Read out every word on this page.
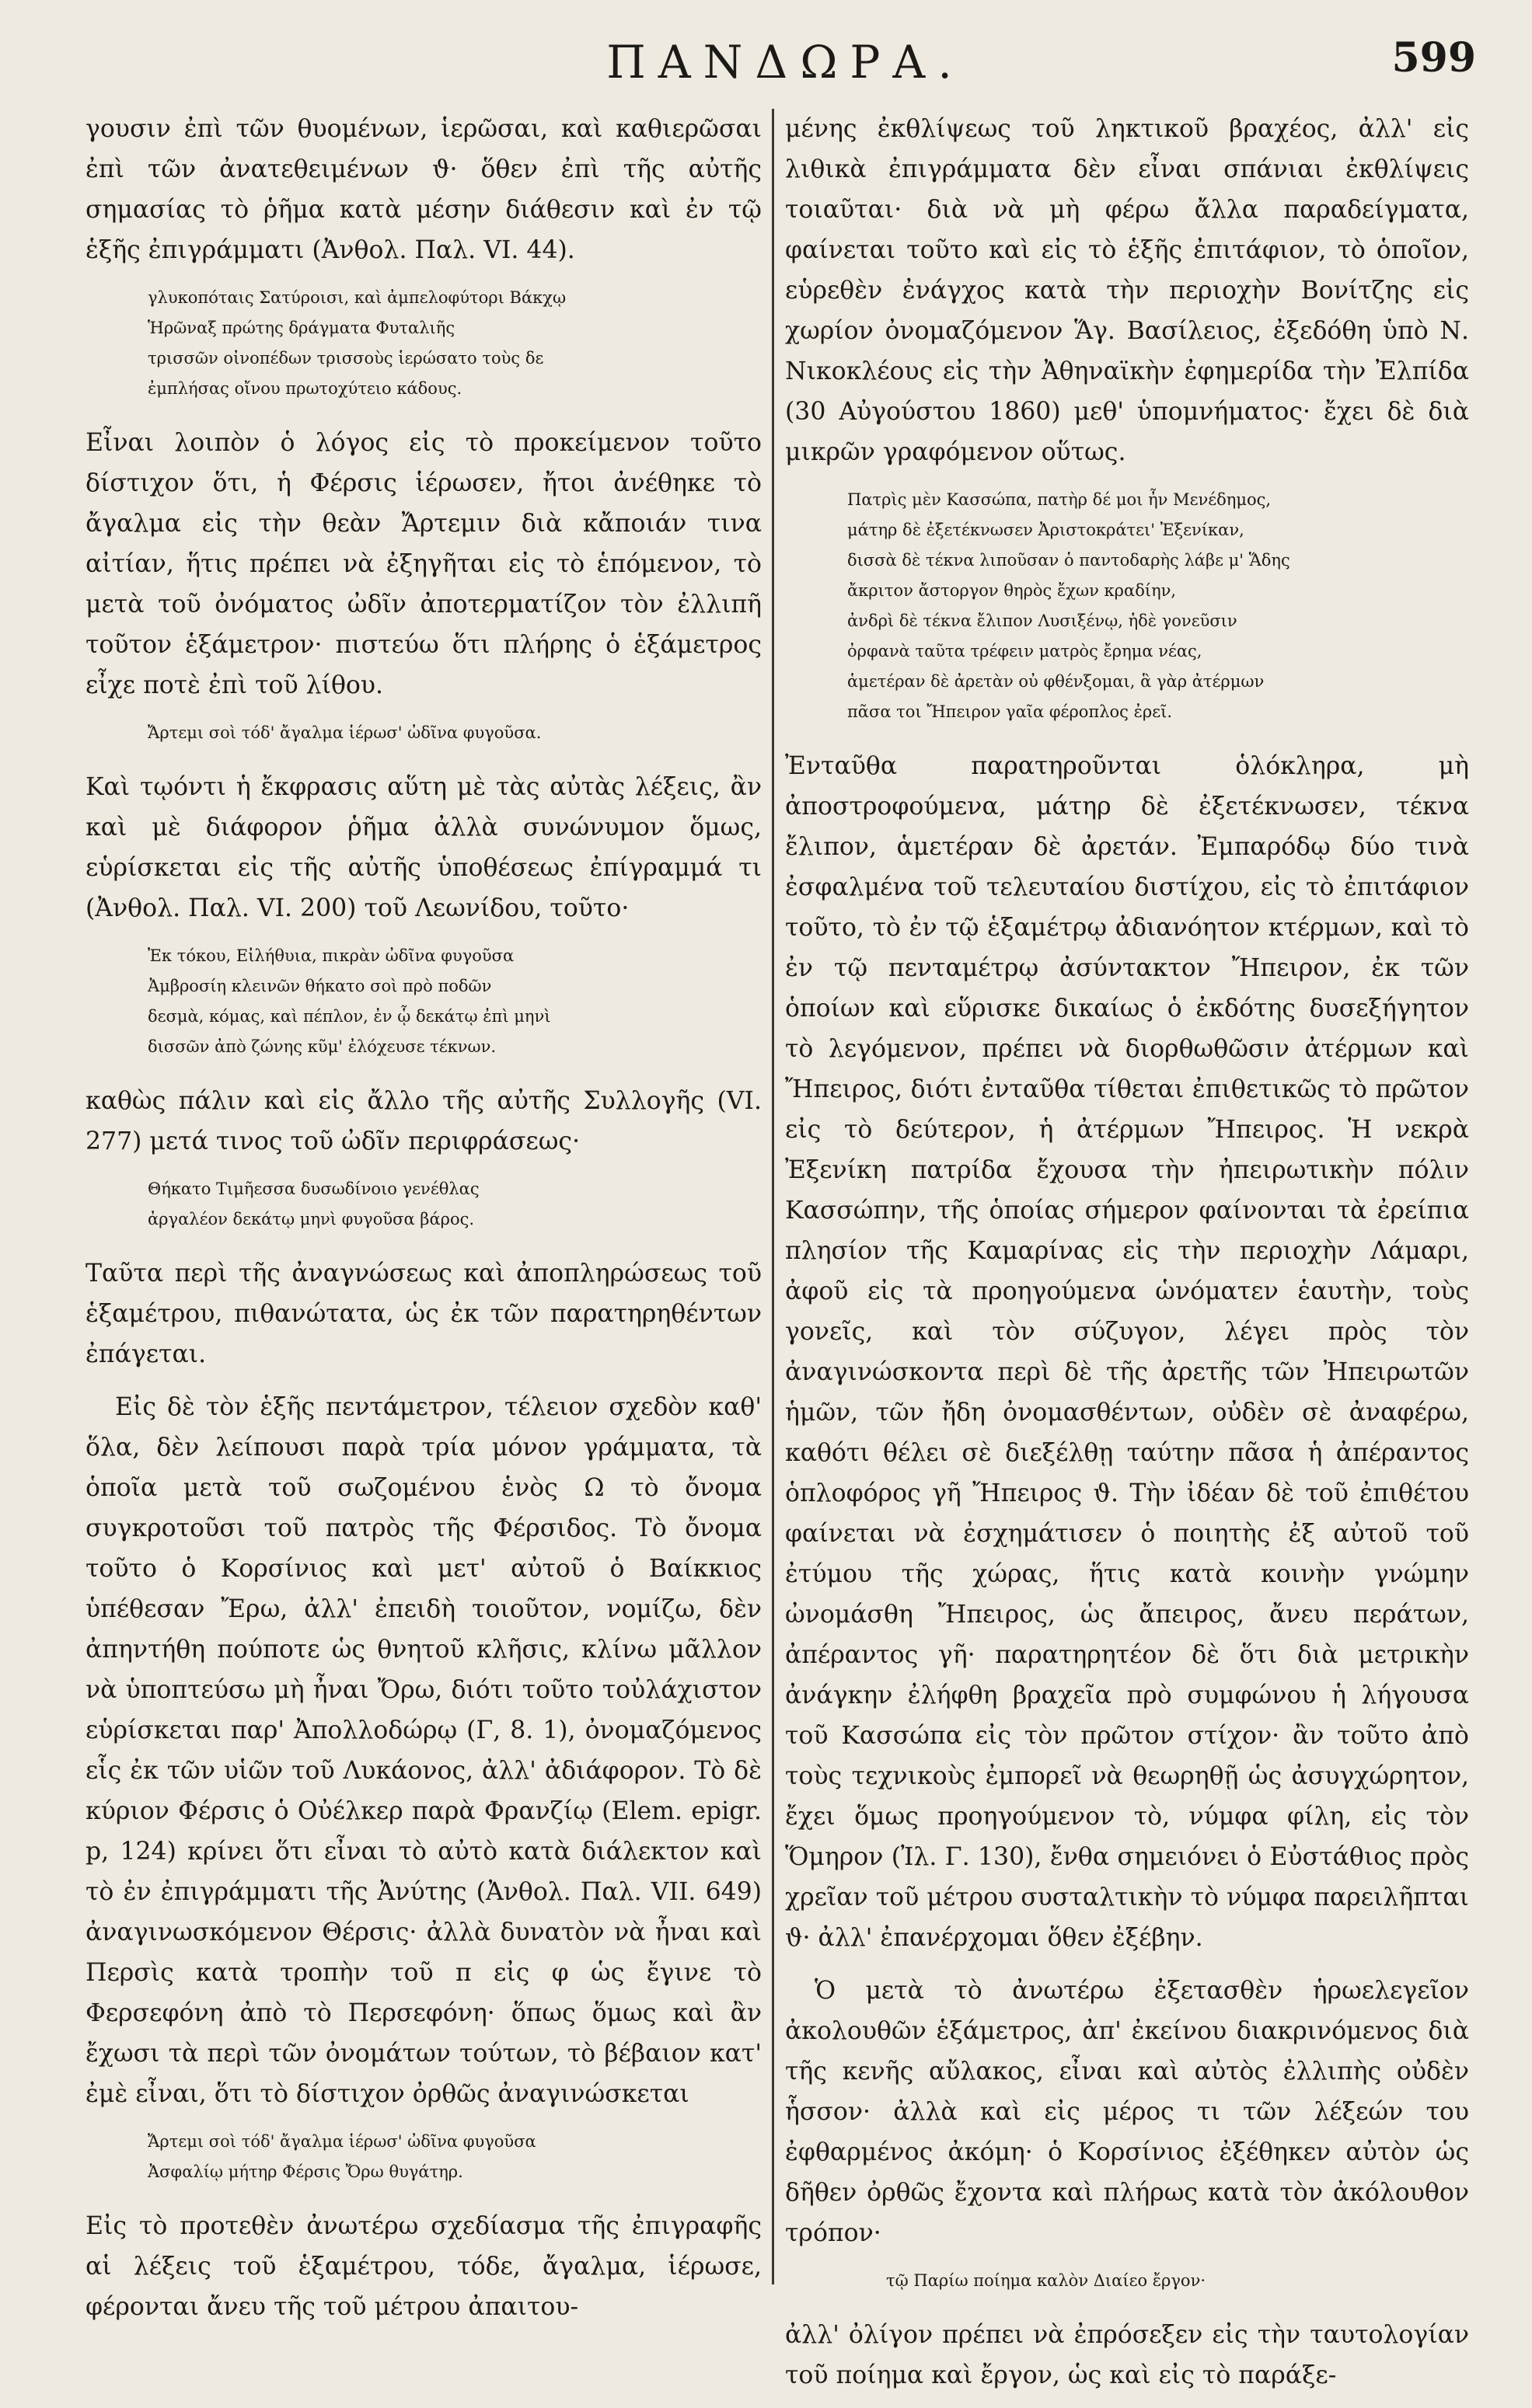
ΠΑΝΔΩΡΑ.	599

γουσιν ἐπὶ τῶν θυομένων, ἱερῶσαι, καὶ καθιερῶσαι ἐπὶ τῶν ἀνατεθειμένων ϑ· ὅθεν ἐπὶ τῆς αὐτῆς σημασίας τὸ ῥῆμα κατὰ μέσην διάθεσιν καὶ ἐν τῷ ἑξῆς ἐπιγράμματι (Ἀνθολ. Παλ. VI. 44).

γλυκοπόταις Σατύροισι, καὶ ἀμπελοφύτορι Βάκχῳ
Ἡρῶναξ πρώτης δράγματα Φυταλιῆς
τρισσῶν οἰνοπέδων τρισσοὺς ἱερώσατο τοὺς δε
ἐμπλήσας οἴνου πρωτοχύτειο κάδους.

Εἶναι λοιπὸν ὁ λόγος εἰς τὸ προκείμενον τοῦτο δίστιχον ὅτι, ἡ Φέρσις ἱέρωσεν, ἤτοι ἀνέθηκε τὸ ἄγαλμα εἰς τὴν θεὰν Ἄρτεμιν διὰ κἄποιάν τινα αἰτίαν, ἥτις πρέπει νὰ ἐξηγῆται εἰς τὸ ἑπόμενον, τὸ μετὰ τοῦ ὀνόματος ὠδῖν ἀποτερματίζον τὸν ἐλλιπῆ τοῦτον ἑξάμετρον· πιστεύω ὅτι πλήρης ὁ ἑξάμετρος εἶχε ποτὲ ἐπὶ τοῦ λίθου.

Ἄρτεμι σοὶ τόδ' ἄγαλμα ἱέρωσ' ὠδῖνα φυγοῦσα.

Καὶ τῳόντι ἡ ἔκφρασις αὕτη μὲ τὰς αὐτὰς λέξεις, ἂν καὶ μὲ διάφορον ῥῆμα ἀλλὰ συνώνυμον ὅμως, εὑρίσκεται εἰς τῆς αὐτῆς ὑποθέσεως ἐπίγραμμά τι (Ἀνθολ. Παλ. VI. 200) τοῦ Λεωνίδου, τοῦτο·

Ἐκ τόκου, Εἰλήθυια, πικρὰν ὠδῖνα φυγοῦσα
Ἀμβροσίη κλεινῶν θήκατο σοὶ πρὸ ποδῶν
δεσμὰ, κόμας, καὶ πέπλον, ἐν ᾧ δεκάτῳ ἐπὶ μηνὶ
δισσῶν ἀπὸ ζώνης κῦμ' ἐλόχευσε τέκνων.

καθὼς πάλιν καὶ εἰς ἄλλο τῆς αὐτῆς Συλλογῆς (VI. 277) μετά τινος τοῦ ὠδῖν περιφράσεως·

Θήκατο Τιμῆεσσα δυσωδίνοιο γενέθλας
ἀργαλέον δεκάτῳ μηνὶ φυγοῦσα βάρος.

Ταῦτα περὶ τῆς ἀναγνώσεως καὶ ἀποπληρώσεως τοῦ ἑξαμέτρου, πιθανώτατα, ὡς ἐκ τῶν παρατηρηθέντων ἐπάγεται.

Εἰς δὲ τὸν ἑξῆς πεντάμετρον, τέλειον σχεδὸν καθ' ὅλα, δὲν λείπουσι παρὰ τρία μόνον γράμματα, τὰ ὁποῖα μετὰ τοῦ σωζομένου ἑνὸς Ω τὸ ὄνομα συγκροτοῦσι τοῦ πατρὸς τῆς Φέρσιδος. Τὸ ὄνομα τοῦτο ὁ Κορσίνιος καὶ μετ' αὐτοῦ ὁ Βαίκκιος ὑπέθεσαν Ἔρω, ἀλλ' ἐπειδὴ τοιοῦτον, νομίζω, δὲν ἀπηντήθη πούποτε ὡς θνητοῦ κλῆσις, κλίνω μᾶλλον νὰ ὑποπτεύσω μὴ ἦναι Ὄρω, διότι τοῦτο τοὐλάχιστον εὑρίσκεται παρ' Ἀπολλοδώρῳ (Γ, 8. 1), ὀνομαζόμενος εἷς ἐκ τῶν υἱῶν τοῦ Λυκάονος, ἀλλ' ἀδιάφορον. Τὸ δὲ κύριον Φέρσις ὁ Οὐέλκερ παρὰ Φρανζίῳ (Elem. epigr. p, 124) κρίνει ὅτι εἶναι τὸ αὐτὸ κατὰ διάλεκτον καὶ τὸ ἐν ἐπιγράμματι τῆς Ἀνύτης (Ἀνθολ. Παλ. VII. 649) ἀναγινωσκόμενον Θέρσις· ἀλλὰ δυνατὸν νὰ ἦναι καὶ Περσὶς κατὰ τροπὴν τοῦ π εἰς φ ὡς ἔγινε τὸ Φερσεφόνη ἀπὸ τὸ Περσεφόνη· ὅπως ὅμως καὶ ἂν ἔχωσι τὰ περὶ τῶν ὀνομάτων τούτων, τὸ βέβαιον κατ' ἐμὲ εἶναι, ὅτι τὸ δίστιχον ὀρθῶς ἀναγινώσκεται

Ἄρτεμι σοὶ τόδ' ἄγαλμα ἱέρωσ' ὠδῖνα φυγοῦσα
Ἀσφαλίῳ μήτηρ Φέρσις Ὄρω θυγάτηρ.

Εἰς τὸ προτεθὲν ἀνωτέρω σχεδίασμα τῆς ἐπιγραφῆς αἱ λέξεις τοῦ ἑξαμέτρου, τόδε, ἄγαλμα, ἱέρωσε, φέρονται ἄνευ τῆς τοῦ μέτρου ἀπαιτου-

μένης ἐκθλίψεως τοῦ ληκτικοῦ βραχέος, ἀλλ' εἰς λιθικὰ ἐπιγράμματα δὲν εἶναι σπάνιαι ἐκθλίψεις τοιαῦται· διὰ νὰ μὴ φέρω ἄλλα παραδείγματα, φαίνεται τοῦτο καὶ εἰς τὸ ἑξῆς ἐπιτάφιον, τὸ ὁποῖον, εὑρεθὲν ἐνάγχος κατὰ τὴν περιοχὴν Βονίτζης εἰς χωρίον ὀνομαζόμενον Ἅγ. Βασίλειος, ἐξεδόθη ὑπὸ Ν. Νικοκλέους εἰς τὴν Ἀθηναϊκὴν ἐφημερίδα τὴν Ἐλπίδα (30 Αὐγούστου 1860) μεθ' ὑπομνήματος· ἔχει δὲ διὰ μικρῶν γραφόμενον οὕτως.

Πατρὶς μὲν Κασσώπα, πατὴρ δέ μοι ἦν Μενέδημος,
μάτηρ δὲ ἐξετέκνωσεν Ἀριστοκράτει' Ἐξενίκαν,
δισσὰ δὲ τέκνα λιποῦσαν ὁ παντοδαρὴς λάβε μ' Ἅδης
ἄκριτον ἄστοργον θηρὸς ἔχων κραδίην,
ἀνδρὶ δὲ τέκνα ἔλιπον Λυσιξένῳ, ἡδὲ γονεῦσιν
ὀρφανὰ ταῦτα τρέφειν ματρὸς ἔρημα νέας,
ἁμετέραν δὲ ἀρετὰν οὐ φθένξομαι, ἃ γὰρ ἀτέρμων
πᾶσα τοι Ἤπειρον γαῖα φέροπλος ἐρεῖ.

Ἐνταῦθα παρατηροῦνται ὁλόκληρα, μὴ ἀποστροφούμενα, μάτηρ δὲ ἐξετέκνωσεν, τέκνα ἔλιπον, ἁμετέραν δὲ ἀρετάν. Ἐμπαρόδῳ δύο τινὰ ἐσφαλμένα τοῦ τελευταίου διστίχου, εἰς τὸ ἐπιτάφιον τοῦτο, τὸ ἐν τῷ ἑξαμέτρῳ ἀδιανόητον κτέρμων, καὶ τὸ ἐν τῷ πενταμέτρῳ ἀσύντακτον Ἤπειρον, ἐκ τῶν ὁποίων καὶ εὕρισκε δικαίως ὁ ἐκδότης δυσεξήγητον τὸ λεγόμενον, πρέπει νὰ διορθωθῶσιν ἀτέρμων καὶ Ἤπειρος, διότι ἐνταῦθα τίθεται ἐπιθετικῶς τὸ πρῶτον εἰς τὸ δεύτερον, ἡ ἀτέρμων Ἤπειρος. Ἡ νεκρὰ Ἐξενίκη πατρίδα ἔχουσα τὴν ἠπειρωτικὴν πόλιν Κασσώπην, τῆς ὁποίας σήμερον φαίνονται τὰ ἐρείπια πλησίον τῆς Καμαρίνας εἰς τὴν περιοχὴν Λάμαρι, ἀφοῦ εἰς τὰ προηγούμενα ὡνόματεν ἑαυτὴν, τοὺς γονεῖς, καὶ τὸν σύζυγον, λέγει πρὸς τὸν ἀναγινώσκοντα περὶ δὲ τῆς ἀρετῆς τῶν Ἠπειρωτῶν ἡμῶν, τῶν ἤδη ὀνομασθέντων, οὐδὲν σὲ ἀναφέρω, καθότι θέλει σὲ διεξέλθῃ ταύτην πᾶσα ἡ ἀπέραντος ὁπλοφόρος γῆ Ἤπειρος ϑ. Τὴν ἰδέαν δὲ τοῦ ἐπιθέτου φαίνεται νὰ ἐσχημάτισεν ὁ ποιητὴς ἐξ αὐτοῦ τοῦ ἐτύμου τῆς χώρας, ἥτις κατὰ κοινὴν γνώμην ὠνομάσθη Ἤπειρος, ὡς ἄπειρος, ἄνευ περάτων, ἀπέραντος γῆ· παρατηρητέον δὲ ὅτι διὰ μετρικὴν ἀνάγκην ἐλήφθη βραχεῖα πρὸ συμφώνου ἡ λήγουσα τοῦ Κασσώπα εἰς τὸν πρῶτον στίχον· ἂν τοῦτο ἀπὸ τοὺς τεχνικοὺς ἐμπορεῖ νὰ θεωρηθῇ ὡς ἀσυγχώρητον, ἔχει ὅμως προηγούμενον τὸ, νύμφα φίλη, εἰς τὸν Ὅμηρον (Ἰλ. Γ. 130), ἔνθα σημειόνει ὁ Εὐστάθιος πρὸς χρεῖαν τοῦ μέτρου συσταλτικὴν τὸ νύμφα παρειλῆπται ϑ· ἀλλ' ἐπανέρχομαι ὅθεν ἐξέβην.

Ὁ μετὰ τὸ ἀνωτέρω ἐξετασθὲν ἡρωελεγεῖον ἀκολουθῶν ἑξάμετρος, ἀπ' ἐκείνου διακρινόμενος διὰ τῆς κενῆς αὔλακος, εἶναι καὶ αὐτὸς ἐλλιπὴς οὐδὲν ἧσσον· ἀλλὰ καὶ εἰς μέρος τι τῶν λέξεών του ἐφθαρμένος ἀκόμη· ὁ Κορσίνιος ἐξέθηκεν αὐτὸν ὡς δῆθεν ὀρθῶς ἔχοντα καὶ πλήρως κατὰ τὸν ἀκόλουθον τρόπον·

τῷ Παρίω ποίημα καλὸν Διαίεο ἔργον·

ἀλλ' ὀλίγον πρέπει νὰ ἐπρόσεξεν εἰς τὴν ταυτολογίαν τοῦ ποίημα καὶ ἔργον, ὡς καὶ εἰς τὸ παράξε-
